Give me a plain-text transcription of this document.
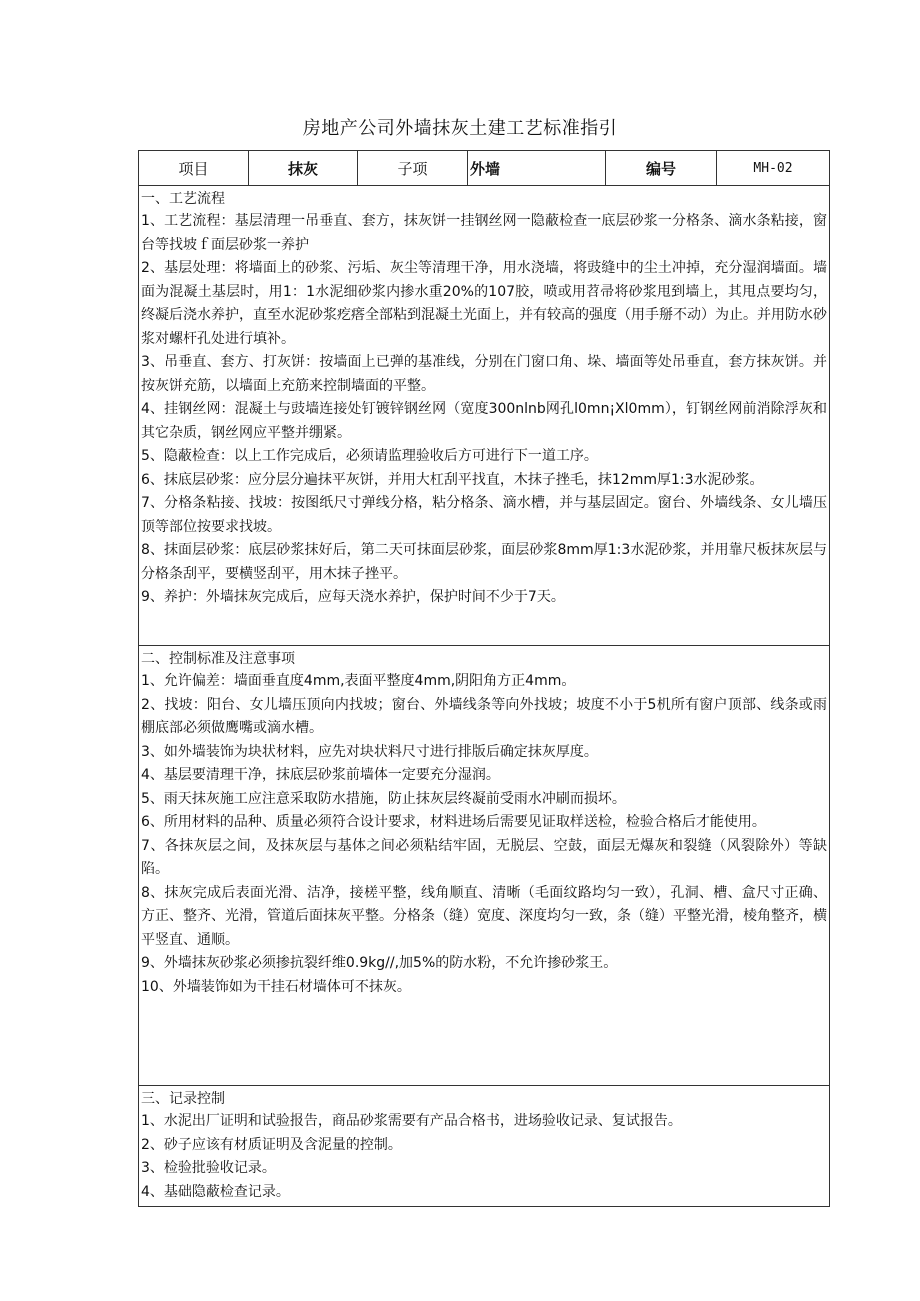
房地产公司外墙抹灰土建工艺标准指引
项目	抹灰	子项	外墙	编号	MH-02
一、工艺流程
1、工艺流程：基层清理一吊垂直、套方，抹灰饼一挂钢丝网一隐蔽检查一底层砂浆一分格条、滴水条粘接，窗台等找坡ｆ面层砂浆一养护
2、基层处理：将墙面上的砂浆、污垢、灰尘等清理干净，用水浇墙，将豉缝中的尘土冲掉，充分湿润墙面。墙面为混凝土基层时，用1：1水泥细砂浆内掺水重20%的107胶，喷或用苕帚将砂浆甩到墙上，其甩点要均匀，终凝后浇水养护，直至水泥砂浆疙瘩全部粘到混凝土光面上，并有较高的强度（用手掰不动）为止。并用防水砂浆对螺杆孔处进行填补。
3、吊垂直、套方、打灰饼：按墙面上已弹的基准线，分别在门窗口角、垛、墙面等处吊垂直，套方抹灰饼。并按灰饼充筋，以墙面上充筋来控制墙面的平整。
4、挂钢丝网：混凝土与豉墙连接处钉镀锌钢丝网（宽度300nlnb网孔l0mn¡Xl0mm），钉钢丝网前消除浮灰和其它杂质，钢丝网应平整并绷紧。
5、隐蔽检查：以上工作完成后，必须请监理验收后方可进行下一道工序。
6、抹底层砂浆：应分层分遍抹平灰饼，并用大杠刮平找直，木抹子挫毛，抹12mm厚1:3水泥砂浆。
7、分格条粘接、找坡：按图纸尺寸弹线分格，粘分格条、滴水槽，并与基层固定。窗台、外墙线条、女儿墙压顶等部位按要求找坡。
8、抹面层砂浆：底层砂浆抹好后，第二天可抹面层砂浆，面层砂浆8mm厚1:3水泥砂浆，并用靠尺板抹灰层与分格条刮平，要横竖刮平，用木抹子挫平。
9、养护：外墙抹灰完成后，应每天浇水养护，保护时间不少于7天。
二、控制标准及注意事项
1、允许偏差：墙面垂直度4mm,表面平整度4mm,阴阳角方正4mm。
2、找坡：阳台、女儿墙压顶向内找坡；窗台、外墙线条等向外找坡；坡度不小于5机所有窗户顶部、线条或雨棚底部必须做鹰嘴或滴水槽。
3、如外墙装饰为块状材料，应先对块状料尺寸进行排版后确定抹灰厚度。
4、基层要清理干净，抹底层砂浆前墙体一定要充分湿润。
5、雨天抹灰施工应注意采取防水措施，防止抹灰层终凝前受雨水冲刷而损坏。
6、所用材料的品种、质量必须符合设计要求，材料进场后需要见证取样送检，检验合格后才能使用。
7、各抹灰层之间，及抹灰层与基体之间必须粘结牢固，无脱层、空鼓，面层无爆灰和裂缝（风裂除外）等缺陷。
8、抹灰完成后表面光滑、洁净，接槎平整，线角顺直、清晰（毛面纹路均匀一致），孔洞、槽、盒尺寸正确、方正、整齐、光滑，管道后面抹灰平整。分格条（缝）宽度、深度均匀一致，条（缝）平整光滑，棱角整齐，横平竖直、通顺。
9、外墙抹灰砂浆必须掺抗裂纤维0.9kg//,加5%的防水粉，不允许掺砂浆王。
10、外墙装饰如为干挂石材墙体可不抹灰。
三、记录控制
1、水泥出厂证明和试验报告，商品砂浆需要有产品合格书，进场验收记录、复试报告。
2、砂子应该有材质证明及含泥量的控制。
3、检验批验收记录。
4、基础隐蔽检查记录。
